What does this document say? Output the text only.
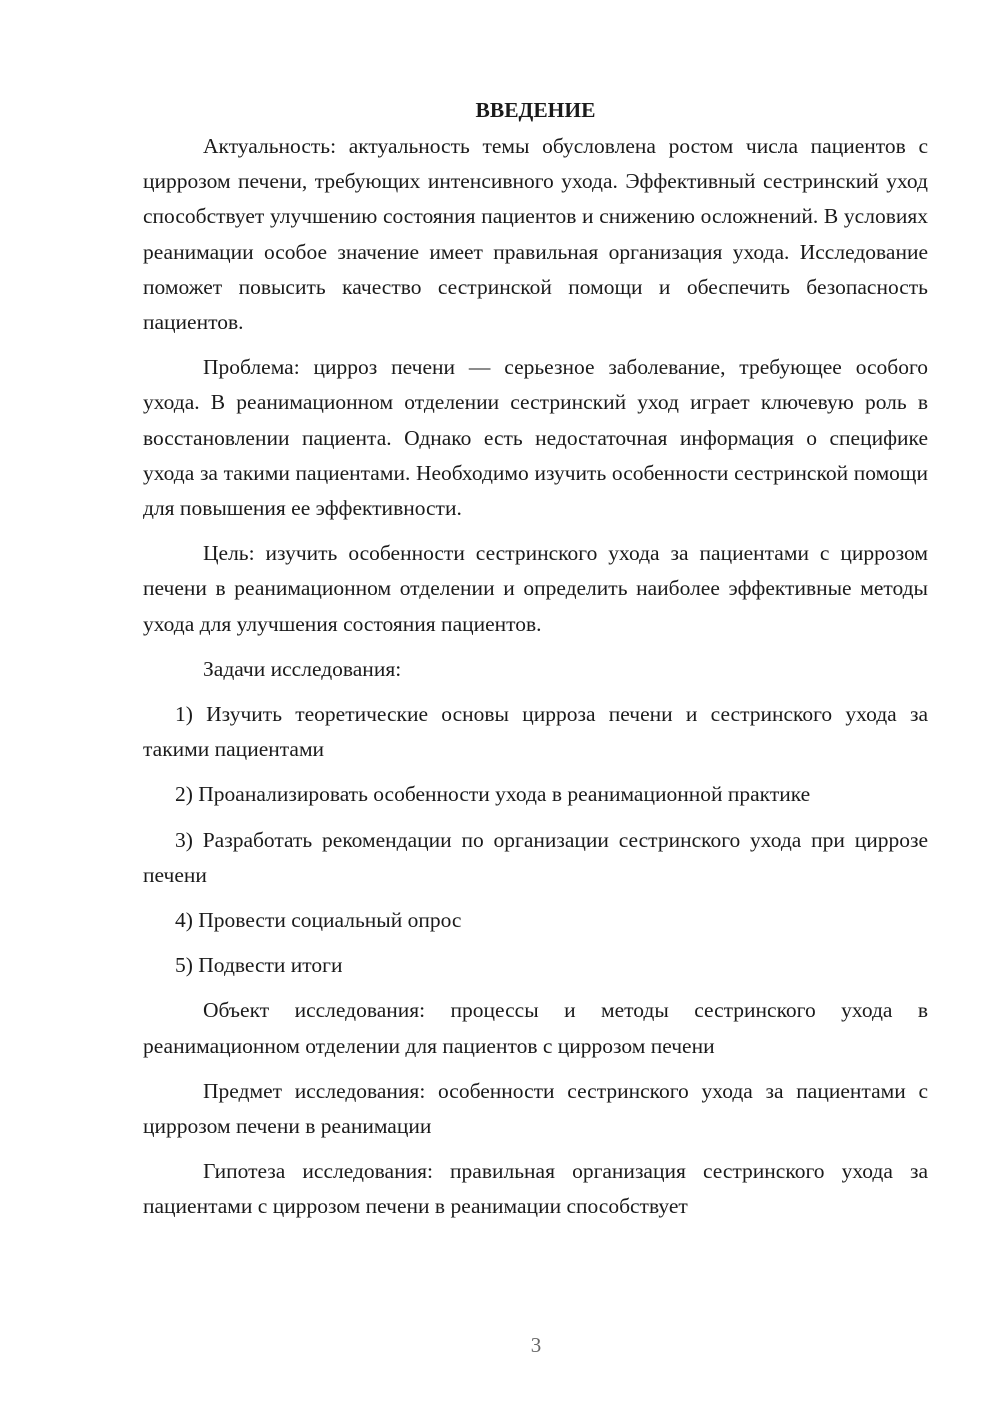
ВВЕДЕНИЕ

Актуальность: актуальность темы обусловлена ростом числа пациентов с циррозом печени, требующих интенсивного ухода. Эффективный сестринский уход способствует улучшению состояния пациентов и снижению осложнений. В условиях реанимации особое значение имеет правильная организация ухода. Исследование поможет повысить качество сестринской помощи и обеспечить безопасность пациентов.

Проблема: цирроз печени — серьезное заболевание, требующее особого ухода. В реанимационном отделении сестринский уход играет ключевую роль в восстановлении пациента. Однако есть недостаточная информация о специфике ухода за такими пациентами. Необходимо изучить особенности сестринской помощи для повышения ее эффективности.

Цель: изучить особенности сестринского ухода за пациентами с циррозом печени в реанимационном отделении и определить наиболее эффективные методы ухода для улучшения состояния пациентов.

Задачи исследования:

1) Изучить теоретические основы цирроза печени и сестринского ухода за такими пациентами

2) Проанализировать особенности ухода в реанимационной практике

3) Разработать рекомендации по организации сестринского ухода при циррозе печени

4) Провести социальный опрос

5) Подвести итоги

Объект исследования: процессы и методы сестринского ухода в реанимационном отделении для пациентов с циррозом печени

Предмет исследования: особенности сестринского ухода за пациентами с циррозом печени в реанимации

Гипотеза исследования: правильная организация сестринского ухода за пациентами с циррозом печени в реанимации способствует

3
